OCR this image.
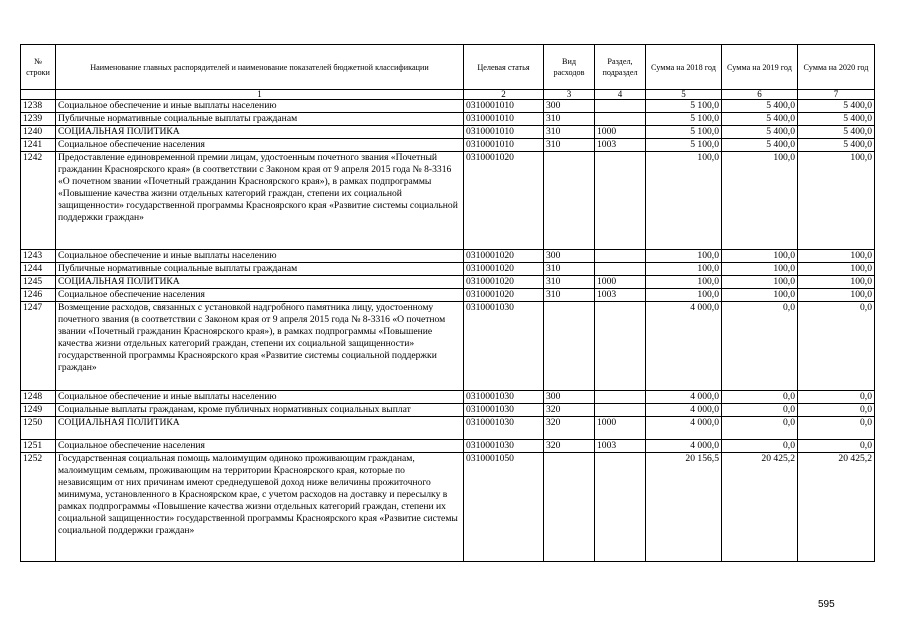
№ строки	Наименование главных распорядителей и наименование показателей бюджетной классификации	Целевая статья	Вид расходов	Раздел, подраздел	Сумма на 2018 год	Сумма на 2019 год	Сумма на 2020 год
	1	2	3	4	5	6	7
1238	Социальное обеспечение и иные выплаты населению	0310001010	300		5 100,0	5 400,0	5 400,0
1239	Публичные нормативные социальные выплаты гражданам	0310001010	310		5 100,0	5 400,0	5 400,0
1240	СОЦИАЛЬНАЯ ПОЛИТИКА	0310001010	310	1000	5 100,0	5 400,0	5 400,0
1241	Социальное обеспечение населения	0310001010	310	1003	5 100,0	5 400,0	5 400,0
1242	Предоставление единовременной премии лицам, удостоенным почетного звания «Почетный гражданин Красноярского края» (в соответствии с Законом края от 9 апреля 2015 года № 8-3316 «О почетном звании «Почетный гражданин Красноярского края»), в рамках подпрограммы «Повышение качества жизни отдельных категорий граждан, степени их социальной защищенности» государственной программы Красноярского края «Развитие системы социальной поддержки граждан»	0310001020			100,0	100,0	100,0
1243	Социальное обеспечение и иные выплаты населению	0310001020	300		100,0	100,0	100,0
1244	Публичные нормативные социальные выплаты гражданам	0310001020	310		100,0	100,0	100,0
1245	СОЦИАЛЬНАЯ ПОЛИТИКА	0310001020	310	1000	100,0	100,0	100,0
1246	Социальное обеспечение населения	0310001020	310	1003	100,0	100,0	100,0
1247	Возмещение расходов, связанных с установкой надгробного памятника лицу, удостоенному почетного звания (в соответствии с Законом края от 9 апреля 2015 года № 8-3316 «О почетном звании «Почетный гражданин Красноярского края»), в рамках подпрограммы «Повышение качества жизни отдельных категорий граждан, степени их социальной защищенности» государственной программы Красноярского края «Развитие системы социальной поддержки граждан»	0310001030			4 000,0	0,0	0,0
1248	Социальное обеспечение и иные выплаты населению	0310001030	300		4 000,0	0,0	0,0
1249	Социальные выплаты гражданам, кроме публичных нормативных социальных выплат	0310001030	320		4 000,0	0,0	0,0
1250	СОЦИАЛЬНАЯ ПОЛИТИКА	0310001030	320	1000	4 000,0	0,0	0,0
1251	Социальное обеспечение населения	0310001030	320	1003	4 000,0	0,0	0,0
1252	Государственная социальная помощь малоимущим одиноко проживающим гражданам, малоимущим семьям, проживающим на территории Красноярского края, которые по независящим от них причинам имеют среднедушевой доход ниже величины прожиточного минимума, установленного в Красноярском крае, с учетом расходов на доставку и пересылку в рамках подпрограммы «Повышение качества жизни отдельных категорий граждан, степени их социальной защищенности» государственной программы Красноярского края «Развитие системы социальной поддержки граждан»	0310001050			20 156,5	20 425,2	20 425,2
595
